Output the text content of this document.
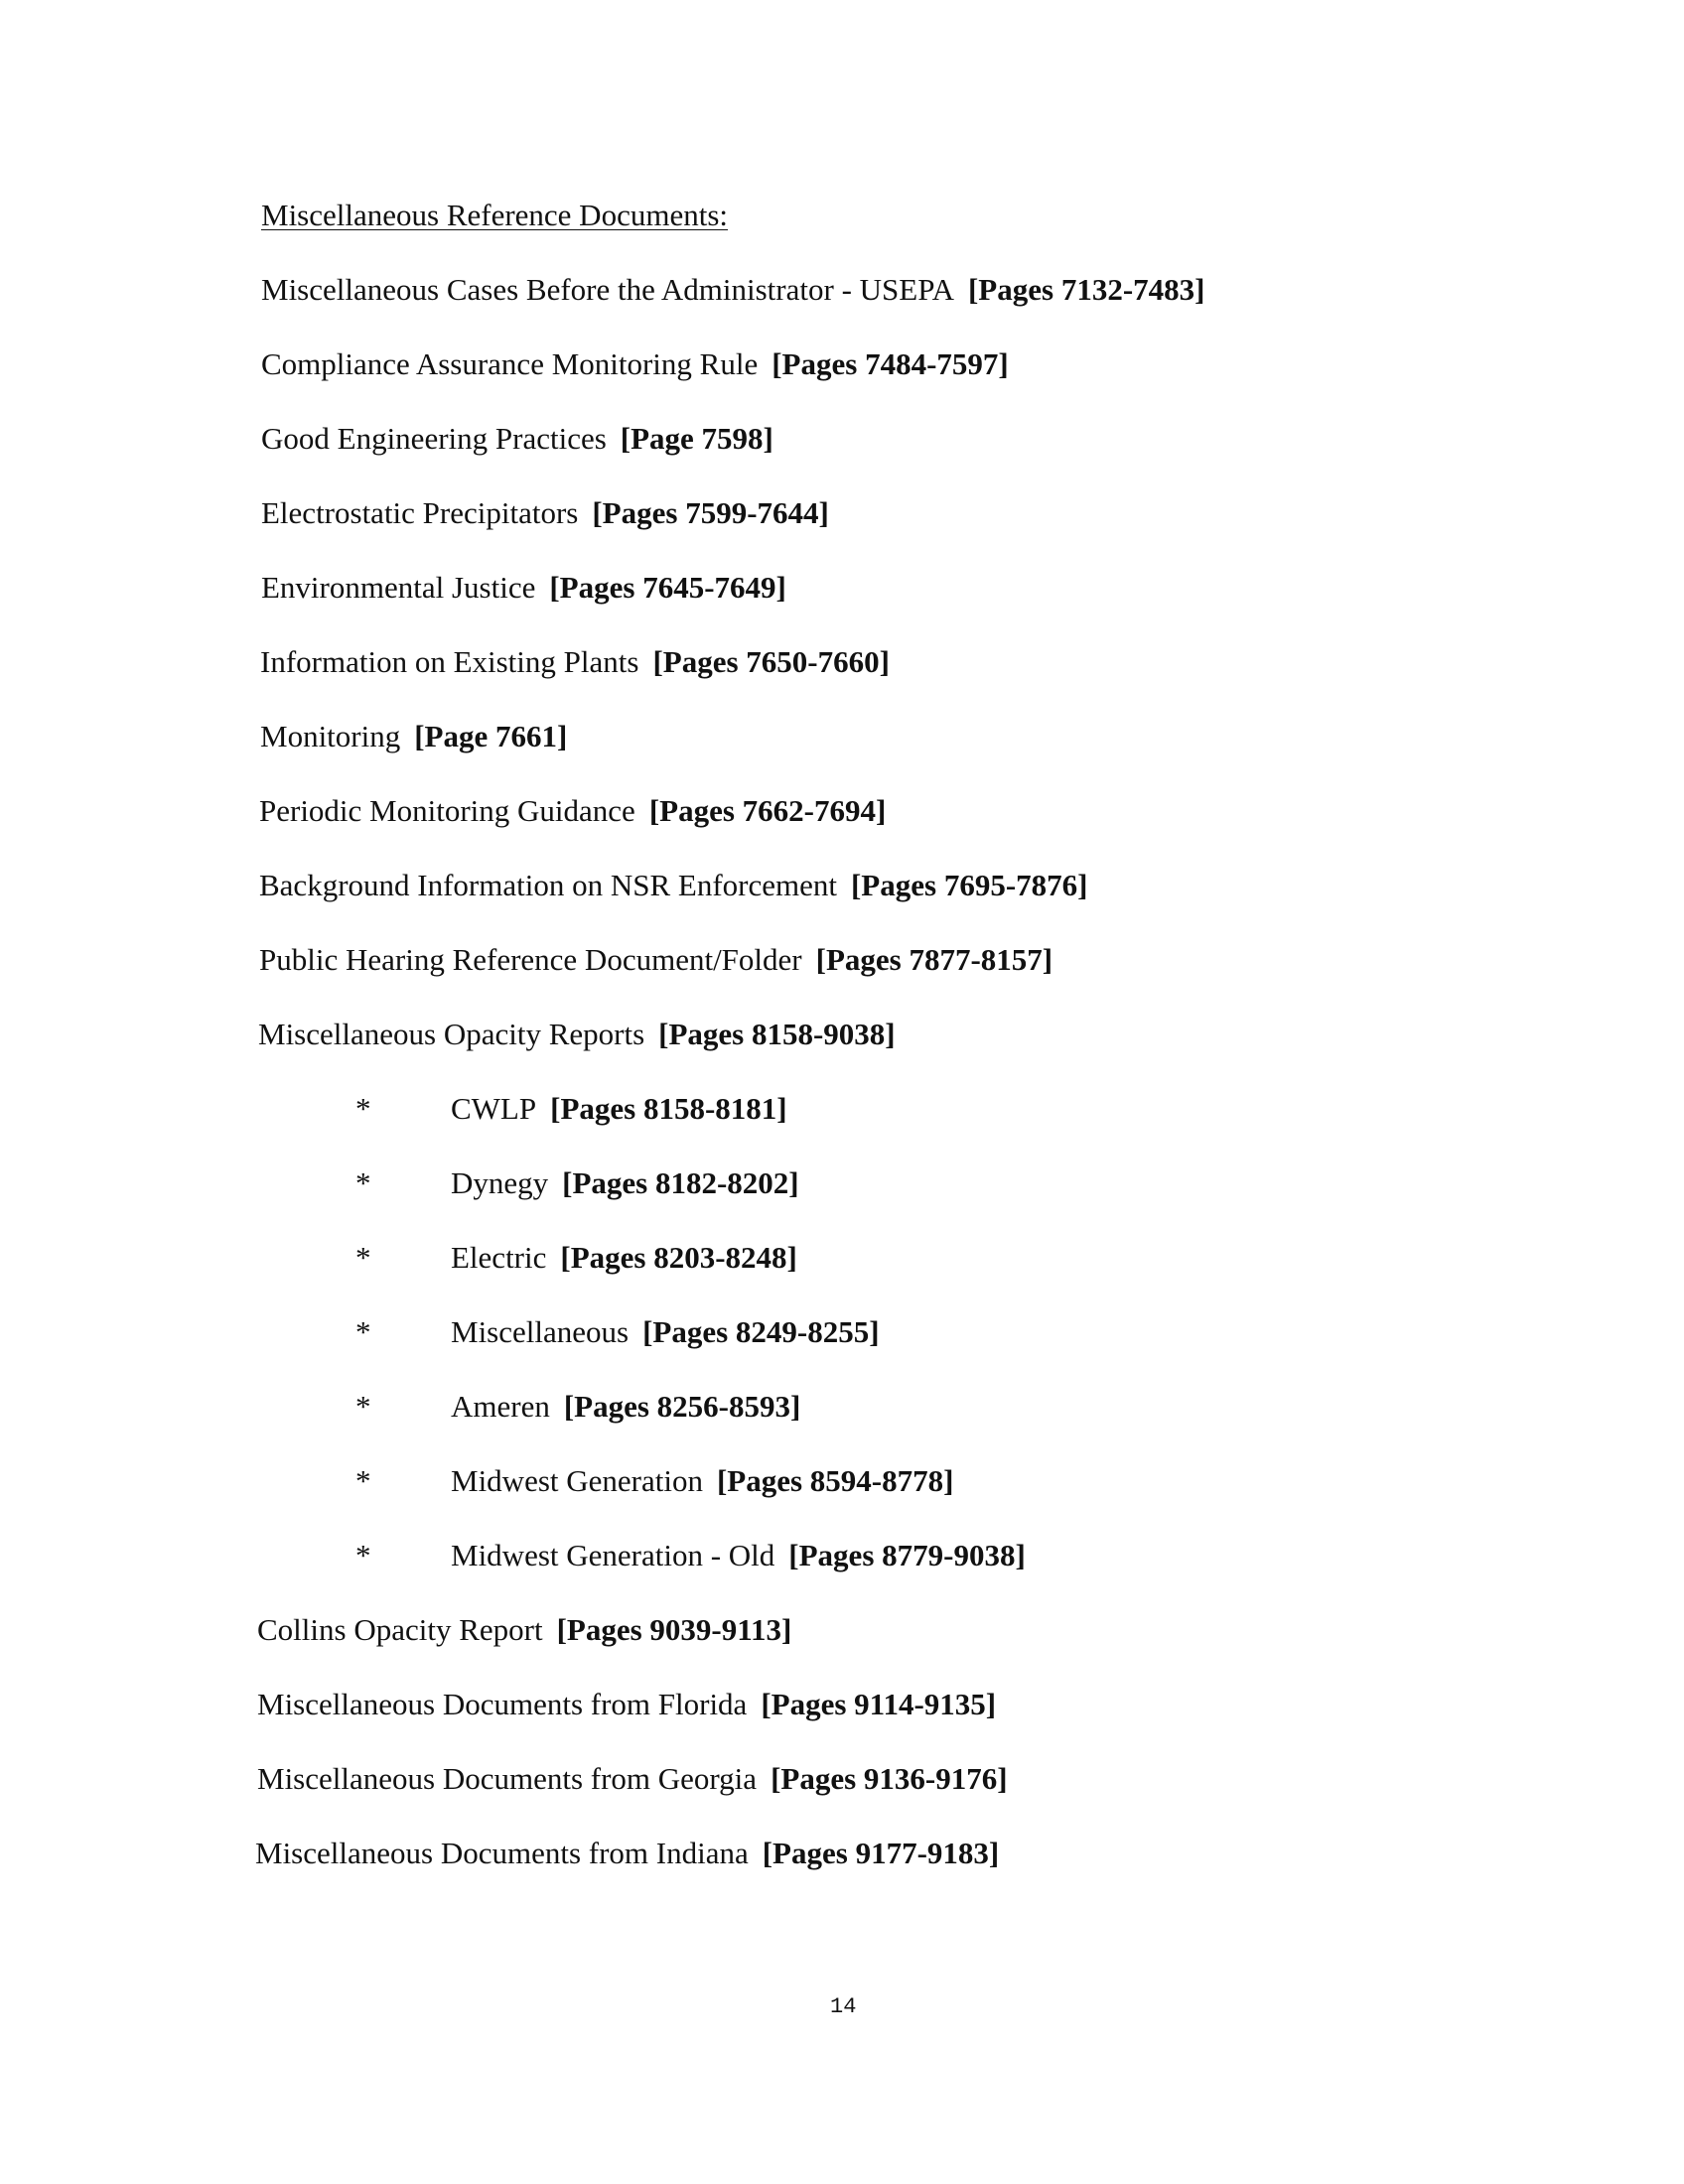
Miscellaneous Reference Documents:
Miscellaneous Cases Before the Administrator - USEPA [Pages 7132-7483]
Compliance Assurance Monitoring Rule [Pages 7484-7597]
Good Engineering Practices [Page 7598]
Electrostatic Precipitators [Pages 7599-7644]
Environmental Justice [Pages 7645-7649]
Information on Existing Plants [Pages 7650-7660]
Monitoring [Page 7661]
Periodic Monitoring Guidance [Pages 7662-7694]
Background Information on NSR Enforcement [Pages 7695-7876]
Public Hearing Reference Document/Folder [Pages 7877-8157]
Miscellaneous Opacity Reports [Pages 8158-9038]
*	CWLP [Pages 8158-8181]
*	Dynegy [Pages 8182-8202]
*	Electric [Pages 8203-8248]
*	Miscellaneous [Pages 8249-8255]
*	Ameren [Pages 8256-8593]
*	Midwest Generation [Pages 8594-8778]
*	Midwest Generation - Old [Pages 8779-9038]
Collins Opacity Report [Pages 9039-9113]
Miscellaneous Documents from Florida [Pages 9114-9135]
Miscellaneous Documents from Georgia [Pages 9136-9176]
Miscellaneous Documents from Indiana [Pages 9177-9183]
14
